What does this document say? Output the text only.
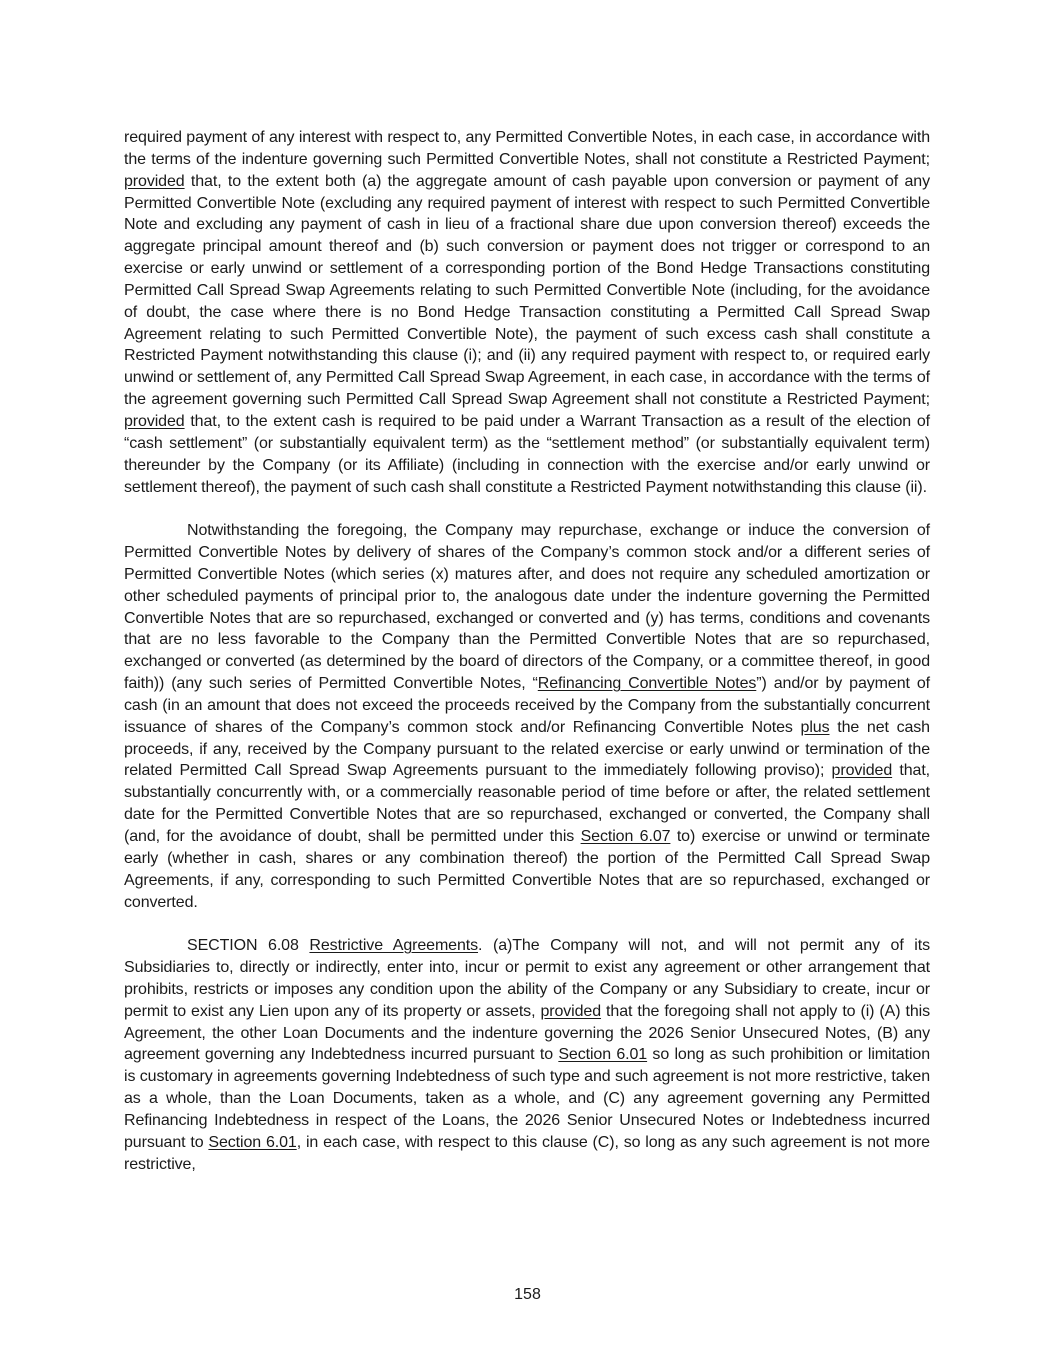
required payment of any interest with respect to, any Permitted Convertible Notes, in each case, in accordance with the terms of the indenture governing such Permitted Convertible Notes, shall not constitute a Restricted Payment; provided that, to the extent both (a) the aggregate amount of cash payable upon conversion or payment of any Permitted Convertible Note (excluding any required payment of interest with respect to such Permitted Convertible Note and excluding any payment of cash in lieu of a fractional share due upon conversion thereof) exceeds the aggregate principal amount thereof and (b) such conversion or payment does not trigger or correspond to an exercise or early unwind or settlement of a corresponding portion of the Bond Hedge Transactions constituting Permitted Call Spread Swap Agreements relating to such Permitted Convertible Note (including, for the avoidance of doubt, the case where there is no Bond Hedge Transaction constituting a Permitted Call Spread Swap Agreement relating to such Permitted Convertible Note), the payment of such excess cash shall constitute a Restricted Payment notwithstanding this clause (i); and (ii) any required payment with respect to, or required early unwind or settlement of, any Permitted Call Spread Swap Agreement, in each case, in accordance with the terms of the agreement governing such Permitted Call Spread Swap Agreement shall not constitute a Restricted Payment; provided that, to the extent cash is required to be paid under a Warrant Transaction as a result of the election of “cash settlement” (or substantially equivalent term) as the “settlement method” (or substantially equivalent term) thereunder by the Company (or its Affiliate) (including in connection with the exercise and/or early unwind or settlement thereof), the payment of such cash shall constitute a Restricted Payment notwithstanding this clause (ii).

Notwithstanding the foregoing, the Company may repurchase, exchange or induce the conversion of Permitted Convertible Notes by delivery of shares of the Company’s common stock and/or a different series of Permitted Convertible Notes (which series (x) matures after, and does not require any scheduled amortization or other scheduled payments of principal prior to, the analogous date under the indenture governing the Permitted Convertible Notes that are so repurchased, exchanged or converted and (y) has terms, conditions and covenants that are no less favorable to the Company than the Permitted Convertible Notes that are so repurchased, exchanged or converted (as determined by the board of directors of the Company, or a committee thereof, in good faith)) (any such series of Permitted Convertible Notes, “Refinancing Convertible Notes”) and/or by payment of cash (in an amount that does not exceed the proceeds received by the Company from the substantially concurrent issuance of shares of the Company’s common stock and/or Refinancing Convertible Notes plus the net cash proceeds, if any, received by the Company pursuant to the related exercise or early unwind or termination of the related Permitted Call Spread Swap Agreements pursuant to the immediately following proviso); provided that, substantially concurrently with, or a commercially reasonable period of time before or after, the related settlement date for the Permitted Convertible Notes that are so repurchased, exchanged or converted, the Company shall (and, for the avoidance of doubt, shall be permitted under this Section 6.07 to) exercise or unwind or terminate early (whether in cash, shares or any combination thereof) the portion of the Permitted Call Spread Swap Agreements, if any, corresponding to such Permitted Convertible Notes that are so repurchased, exchanged or converted.

SECTION 6.08 Restrictive Agreements. (a)The Company will not, and will not permit any of its Subsidiaries to, directly or indirectly, enter into, incur or permit to exist any agreement or other arrangement that prohibits, restricts or imposes any condition upon the ability of the Company or any Subsidiary to create, incur or permit to exist any Lien upon any of its property or assets, provided that the foregoing shall not apply to (i) (A) this Agreement, the other Loan Documents and the indenture governing the 2026 Senior Unsecured Notes, (B) any agreement governing any Indebtedness incurred pursuant to Section 6.01 so long as such prohibition or limitation is customary in agreements governing Indebtedness of such type and such agreement is not more restrictive, taken as a whole, than the Loan Documents, taken as a whole, and (C) any agreement governing any Permitted Refinancing Indebtedness in respect of the Loans, the 2026 Senior Unsecured Notes or Indebtedness incurred pursuant to Section 6.01, in each case, with respect to this clause (C), so long as any such agreement is not more restrictive,

158
